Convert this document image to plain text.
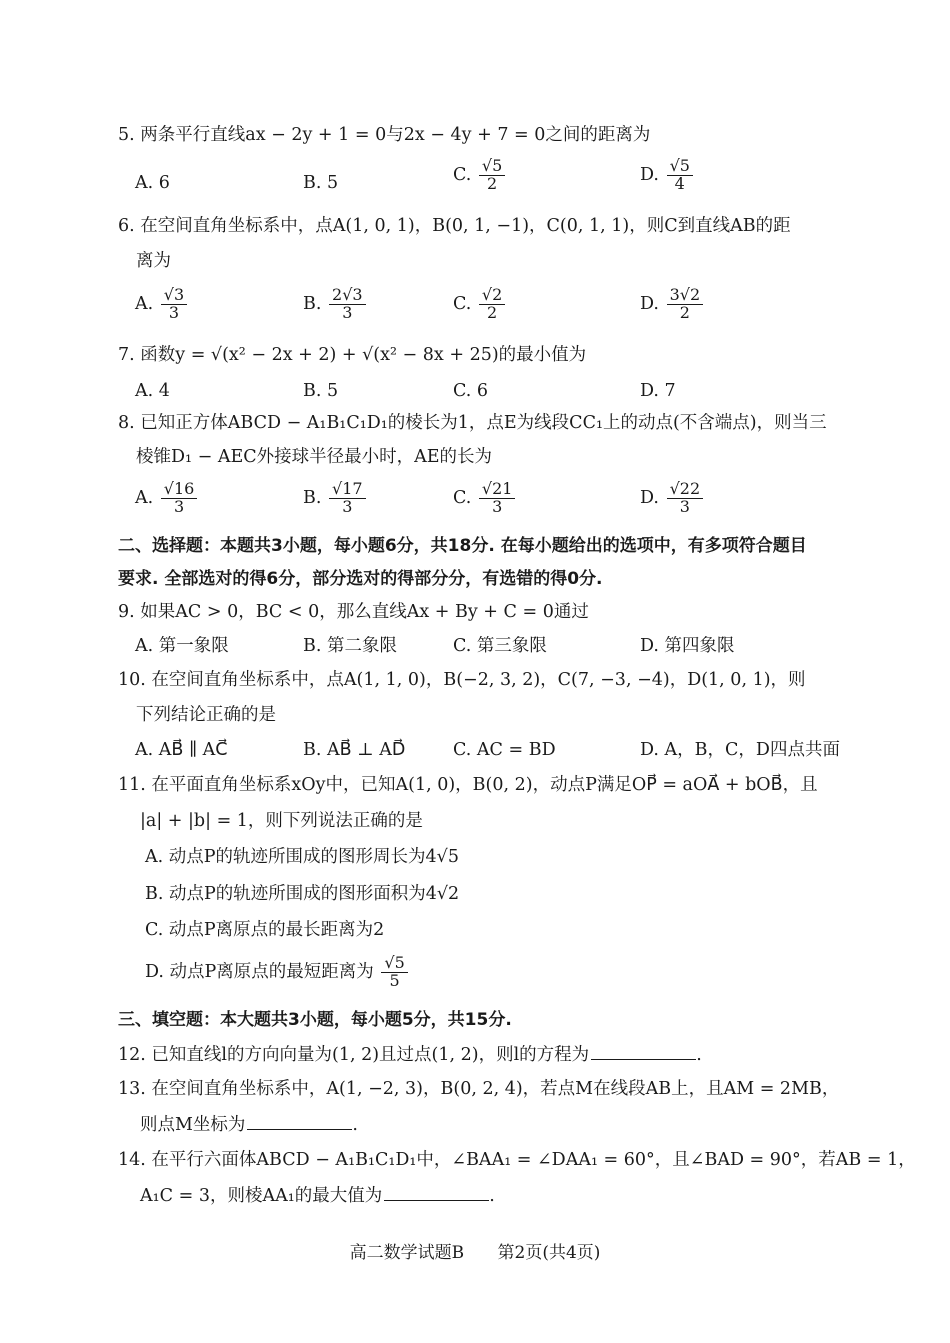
5. 两条平行直线ax − 2y + 1 = 0与2x − 4y + 7 = 0之间的距离为
A. 6	B. 5	C. $\frac{√5}{2}$	D. $\frac{√5}{4}$
6. 在空间直角坐标系中，点A(1, 0, 1)，B(0, 1, −1)，C(0, 1, 1)，则C到直线AB的距
离为
A. $\frac{√3}{3}$	B. $\frac{2√3}{3}$	C. $\frac{√2}{2}$	D. $\frac{3√2}{2}$
7. 函数y = √(x² − 2x + 2) + √(x² − 8x + 25)的最小值为
A. 4	B. 5	C. 6	D. 7
8. 已知正方体ABCD − A₁B₁C₁D₁的棱长为1，点E为线段CC₁上的动点(不含端点)，则当三
棱锥D₁ − AEC外接球半径最小时，AE的长为
A. $\frac{√16}{3}$	B. $\frac{√17}{3}$	C. $\frac{√21}{3}$	D. $\frac{√22}{3}$
二、选择题：本题共3小题，每小题6分，共18分. 在每小题给出的选项中，有多项符合题目
要求. 全部选对的得6分，部分选对的得部分分，有选错的得0分.
9. 如果AC > 0，BC < 0，那么直线Ax + By + C = 0通过
A. 第一象限	B. 第二象限	C. 第三象限	D. 第四象限
10. 在空间直角坐标系中，点A(1, 1, 0)，B(−2, 3, 2)，C(7, −3, −4)，D(1, 0, 1)，则
下列结论正确的是
A. AB⃗ ∥ AC⃗	B. AB⃗ ⊥ AD⃗	C. AC = BD	D. A，B，C，D四点共面
11. 在平面直角坐标系xOy中，已知A(1, 0)，B(0, 2)，动点P满足OP⃗ = aOA⃗ + bOB⃗，且
|a| + |b| = 1，则下列说法正确的是
A. 动点P的轨迹所围成的图形周长为4√5
B. 动点P的轨迹所围成的图形面积为4√2
C. 动点P离原点的最长距离为2
D. 动点P离原点的最短距离为 $\frac{√5}{5}$
三、填空题：本大题共3小题，每小题5分，共15分.
12. 已知直线l的方向向量为(1, 2)且过点(1, 2)，则l的方程为	.
13. 在空间直角坐标系中，A(1, −2, 3)，B(0, 2, 4)，若点M在线段AB上，且AM = 2MB，
则点M坐标为	.
14. 在平行六面体ABCD − A₁B₁C₁D₁中，∠BAA₁ = ∠DAA₁ = 60°，且∠BAD = 90°，若AB = 1，
A₁C = 3，则棱AA₁的最大值为	.
高二数学试题B 第2页(共4页)
